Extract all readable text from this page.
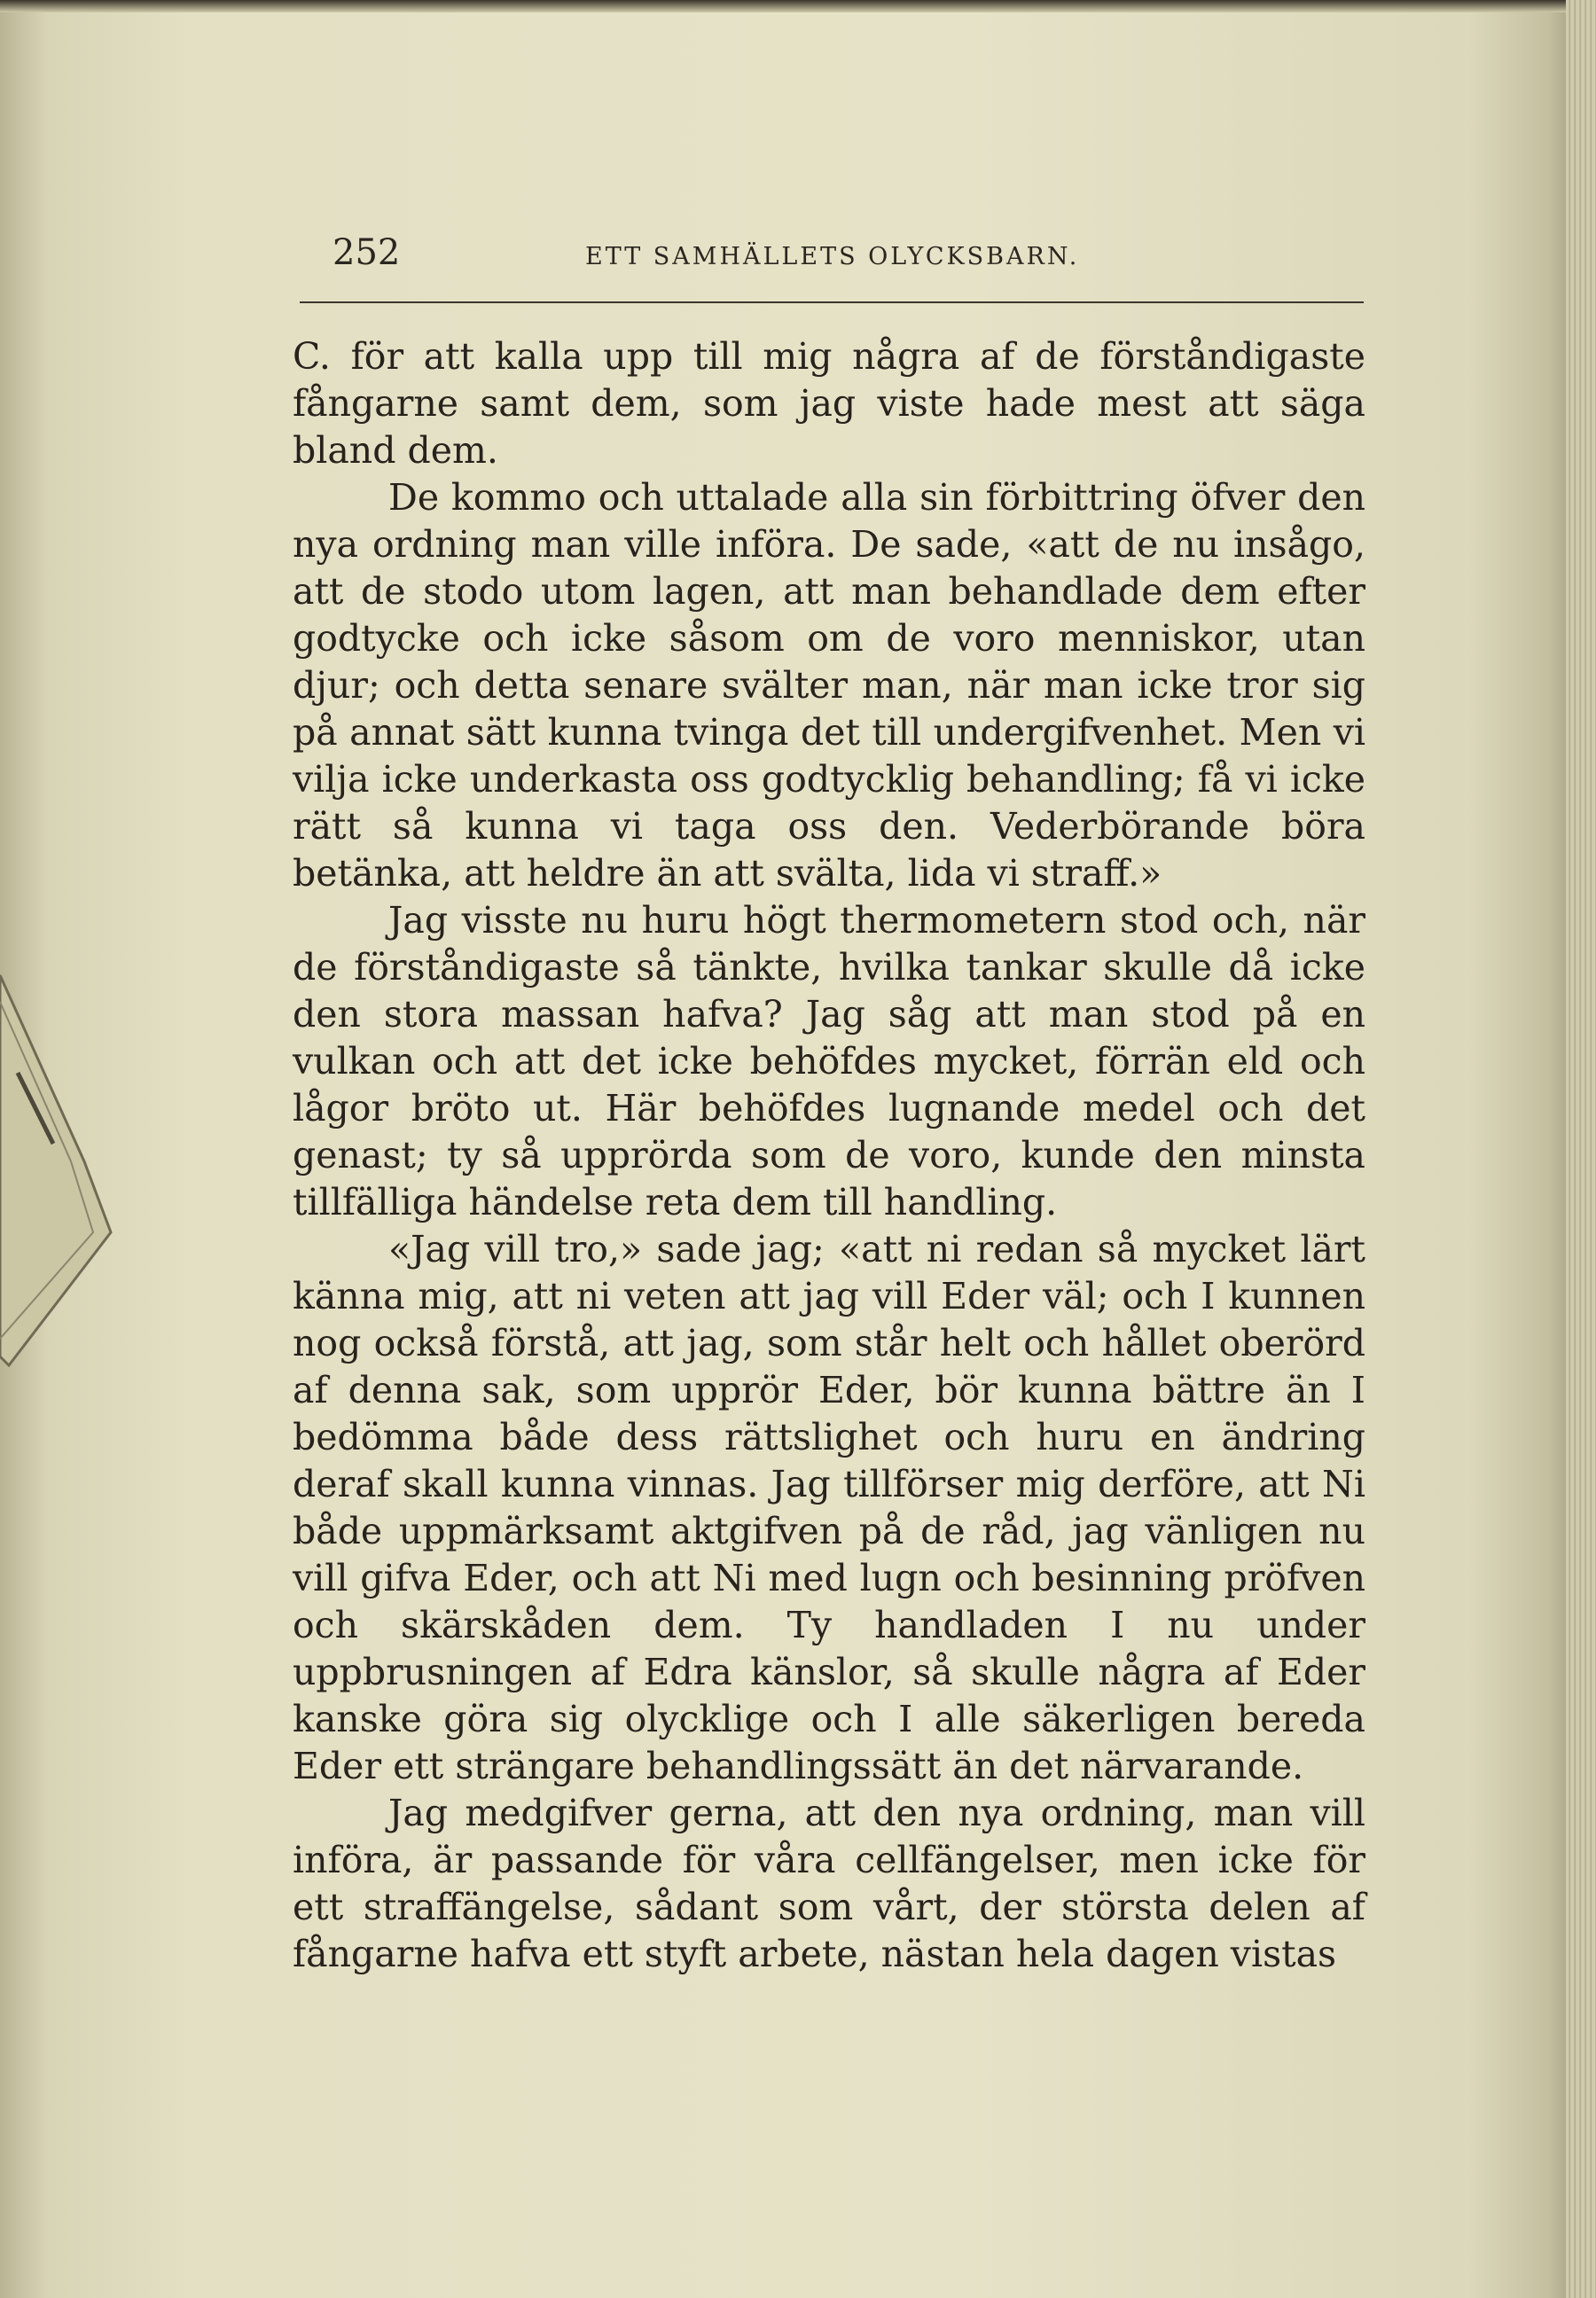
252	ETT SAMHÄLLETS OLYCKSBARN.

C. för att kalla upp till mig några af de förståndigaste fångarne samt dem, som jag viste hade mest att säga bland dem.

De kommo och uttalade alla sin förbittring öfver den nya ordning man ville införa. De sade, «att de nu insågo, att de stodo utom lagen, att man behandlade dem efter godtycke och icke såsom om de voro menniskor, utan djur; och detta senare svälter man, när man icke tror sig på annat sätt kunna tvinga det till undergifvenhet. Men vi vilja icke underkasta oss godtycklig behandling; få vi icke rätt så kunna vi taga oss den. Vederbörande böra betänka, att heldre än att svälta, lida vi straff.»

Jag visste nu huru högt thermometern stod och, när de förståndigaste så tänkte, hvilka tankar skulle då icke den stora massan hafva? Jag såg att man stod på en vulkan och att det icke behöfdes mycket, förrän eld och lågor bröto ut. Här behöfdes lugnande medel och det genast; ty så upprörda som de voro, kunde den minsta tillfälliga händelse reta dem till handling.

«Jag vill tro,» sade jag; «att ni redan så mycket lärt känna mig, att ni veten att jag vill Eder väl; och I kunnen nog också förstå, att jag, som står helt och hållet oberörd af denna sak, som upprör Eder, bör kunna bättre än I bedömma både dess rättslighet och huru en ändring deraf skall kunna vinnas. Jag tillförser mig derföre, att Ni både uppmärksamt aktgifven på de råd, jag vänligen nu vill gifva Eder, och att Ni med lugn och besinning pröfven och skärskåden dem. Ty handladen I nu under uppbrusningen af Edra känslor, så skulle några af Eder kanske göra sig olycklige och I alle säkerligen bereda Eder ett strängare behandlingssätt än det närvarande.

Jag medgifver gerna, att den nya ordning, man vill införa, är passande för våra cellfängelser, men icke för ett straffängelse, sådant som vårt, der största delen af fångarne hafva ett styft arbete, nästan hela dagen vistas
